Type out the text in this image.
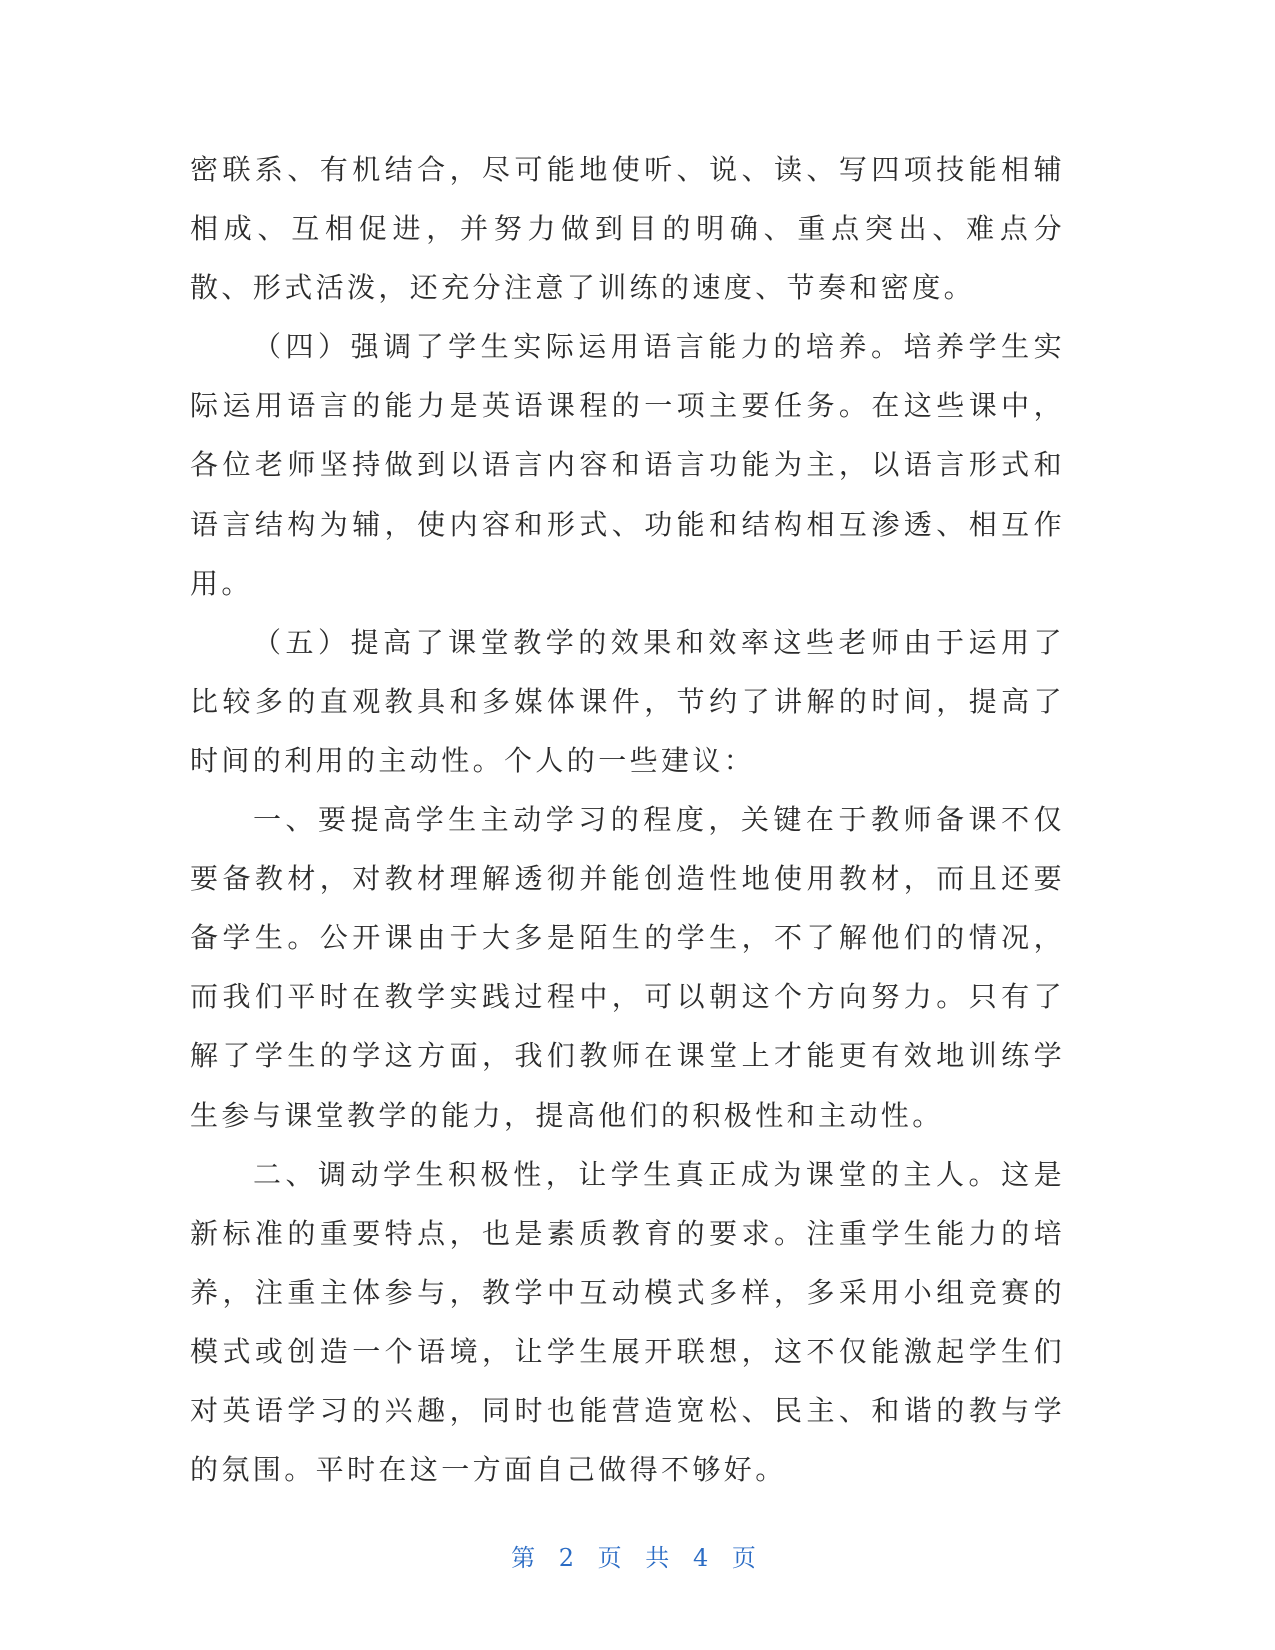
密联系、有机结合，尽可能地使听、说、读、写四项技能相辅相成、互相促进，并努力做到目的明确、重点突出、难点分散、形式活泼，还充分注意了训练的速度、节奏和密度。

（四）强调了学生实际运用语言能力的培养。培养学生实际运用语言的能力是英语课程的一项主要任务。在这些课中，各位老师坚持做到以语言内容和语言功能为主，以语言形式和语言结构为辅，使内容和形式、功能和结构相互渗透、相互作用。

（五）提高了课堂教学的效果和效率这些老师由于运用了比较多的直观教具和多媒体课件，节约了讲解的时间，提高了时间的利用的主动性。个人的一些建议：

一、要提高学生主动学习的程度，关键在于教师备课不仅要备教材，对教材理解透彻并能创造性地使用教材，而且还要备学生。公开课由于大多是陌生的学生，不了解他们的情况，而我们平时在教学实践过程中，可以朝这个方向努力。只有了解了学生的学这方面，我们教师在课堂上才能更有效地训练学生参与课堂教学的能力，提高他们的积极性和主动性。

二、调动学生积极性，让学生真正成为课堂的主人。这是新标准的重要特点，也是素质教育的要求。注重学生能力的培养，注重主体参与，教学中互动模式多样，多采用小组竞赛的模式或创造一个语境，让学生展开联想，这不仅能激起学生们对英语学习的兴趣，同时也能营造宽松、民主、和谐的教与学的氛围。平时在这一方面自己做得不够好。

第 2 页 共 4 页
